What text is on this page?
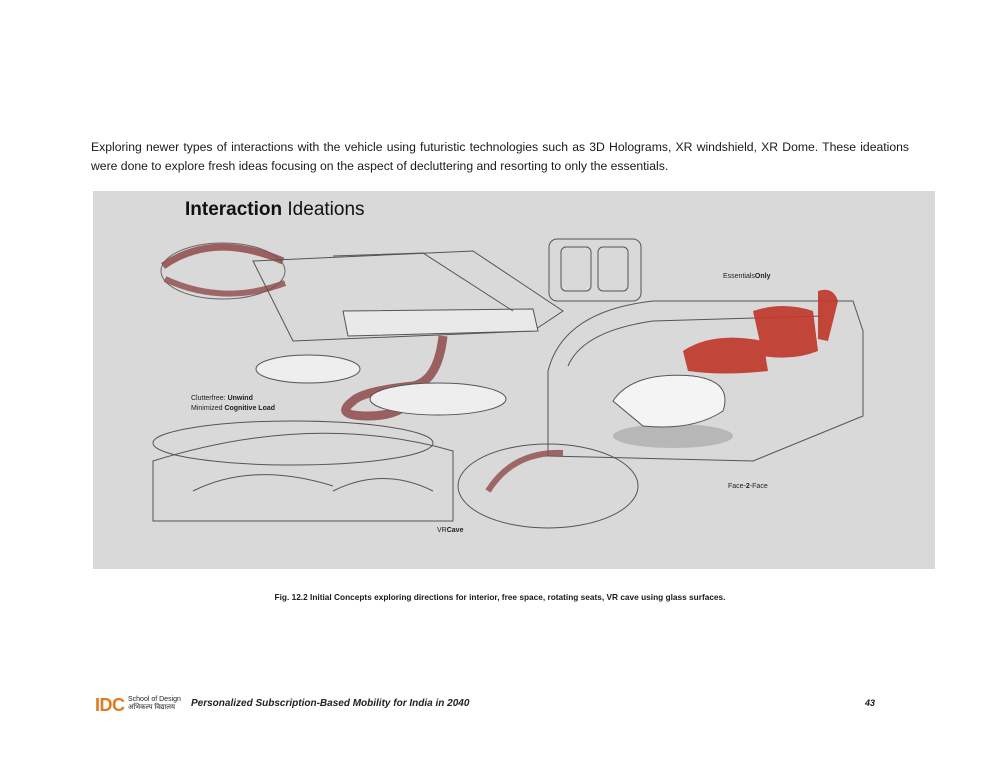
Exploring newer types of interactions with the vehicle using futuristic technologies such as 3D Holograms, XR windshield, XR Dome. These ideations were done to explore fresh ideas focusing on the aspect of decluttering and resorting to only the essentials.

Interaction Ideations

EssentialsOnly
Clutterfree: Unwind
Minimized Cognitive Load
Face-2-Face
VRCave

Fig. 12.2 Initial Concepts exploring directions for interior, free space, rotating seats, VR cave using glass surfaces.

IDC School of Design
अभिकल्प विद्यालय	Personalized Subscription-Based Mobility for India in 2040	43
